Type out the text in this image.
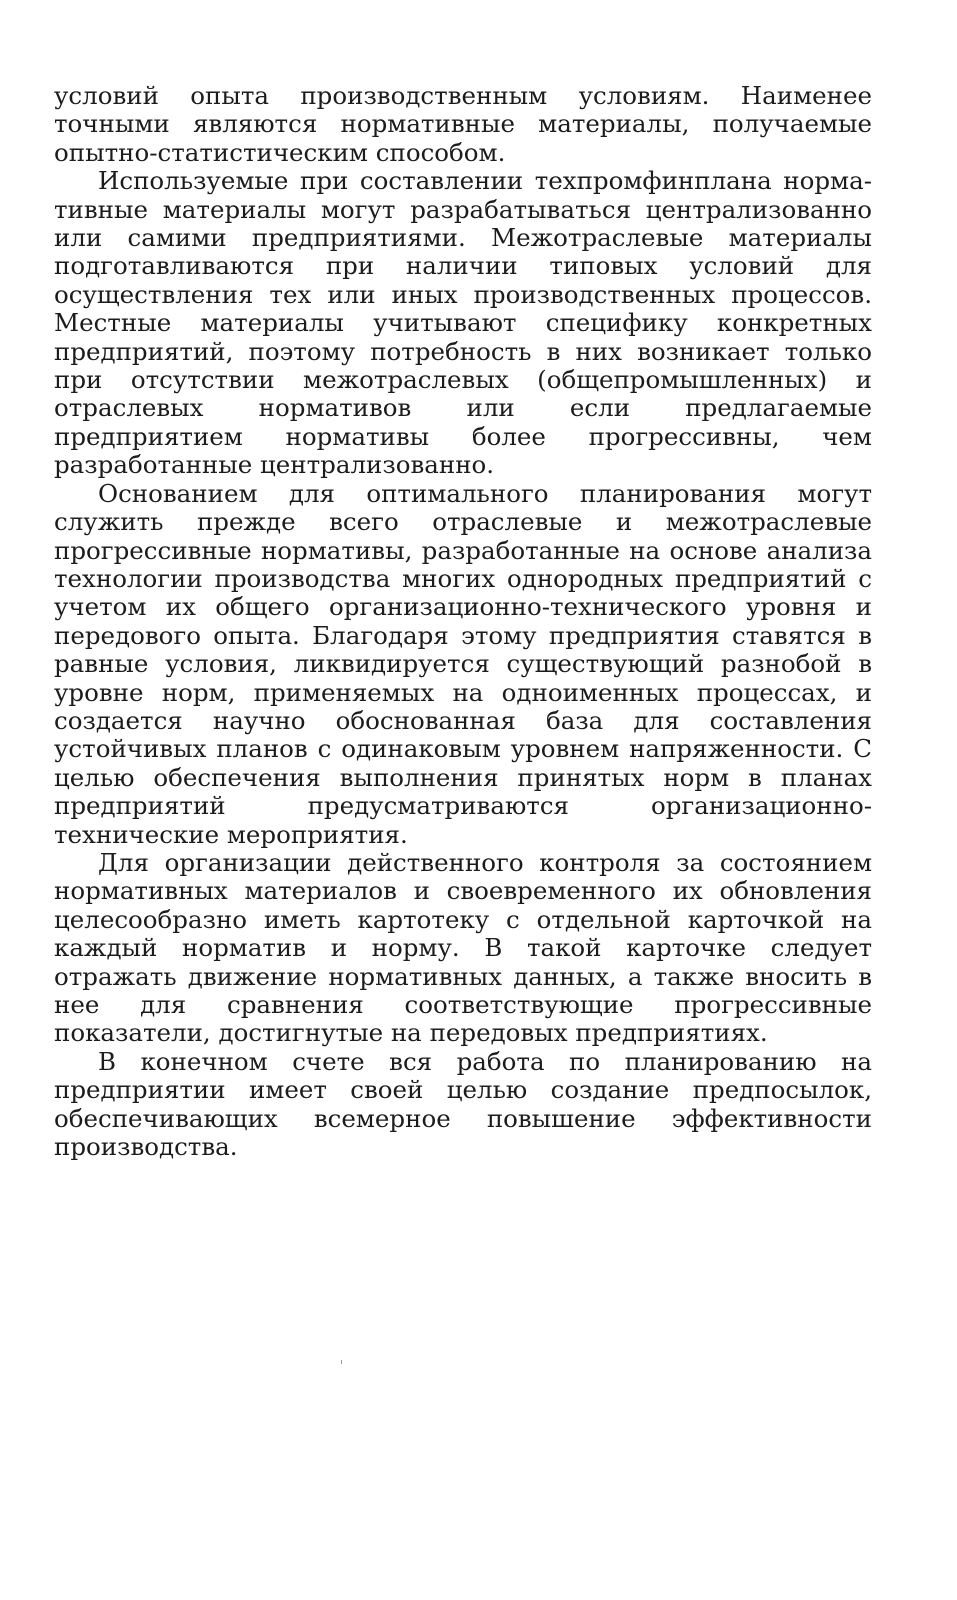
условий опыта производственным условиям. Наименее точными являются нормативные материалы, получаемые опытно-статистическим способом.

Используемые при составлении техпромфинплана нормативные материалы могут разрабатываться централизованно или самими предприятиями. Межотраслевые материалы подготавливаются при наличии типовых условий для осуществления тех или иных производственных процессов. Местные материалы учитывают специфику конкретных предприятий, поэтому потребность в них возникает только при отсутствии межотраслевых (общепромышленных) и отраслевых нормативов или если предлагаемые предприятием нормативы более прогрессивны, чем разработанные централизованно.

Основанием для оптимального планирования могут служить прежде всего отраслевые и межотраслевые прогрессивные нормативы, разработанные на основе анализа технологии производства многих однородных предприятий с учетом их общего организационно-технического уровня и передового опыта. Благодаря этому предприятия ставятся в равные условия, ликвидируется существующий разнобой в уровне норм, применяемых на одноименных процессах, и создается научно обоснованная база для составления устойчивых планов с одинаковым уровнем напряженности. С целью обеспечения выполнения принятых норм в планах предприятий предусматриваются организационно-технические мероприятия.

Для организации действенного контроля за состоянием нормативных материалов и своевременного их обновления целесообразно иметь картотеку с отдельной карточкой на каждый норматив и норму. В такой карточке следует отражать движение нормативных данных, а также вносить в нее для сравнения соответствующие прогрессивные показатели, достигнутые на передовых предприятиях.

В конечном счете вся работа по планированию на предприятии имеет своей целью создание предпосылок, обеспечивающих всемерное повышение эффективности производства.
